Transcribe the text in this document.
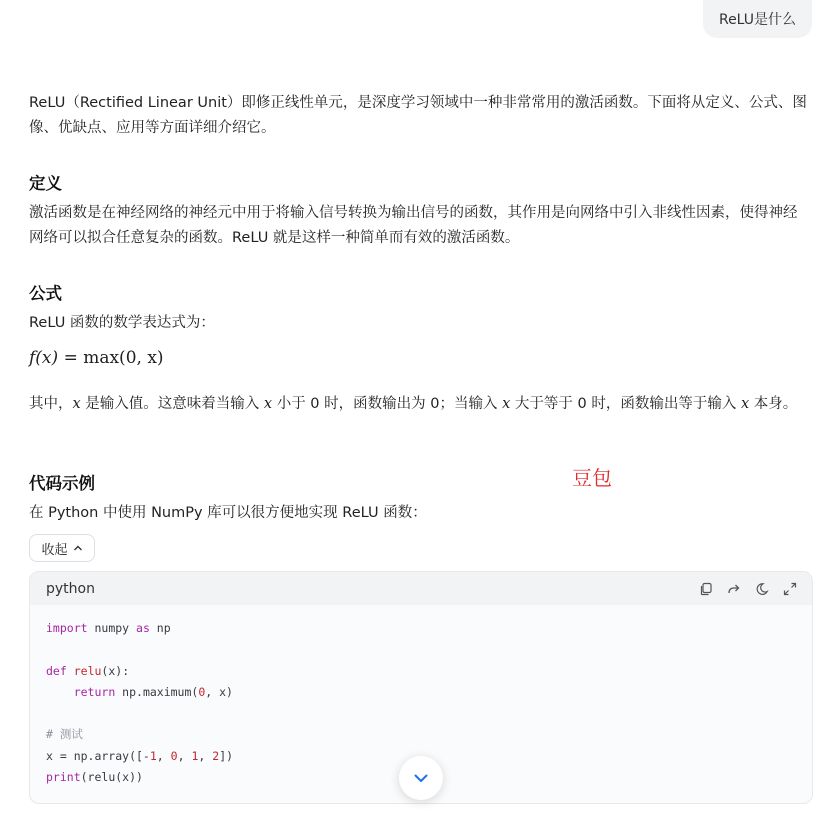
ReLU是什么

ReLU（Rectified Linear Unit）即修正线性单元，是深度学习领域中一种非常常用的激活函数。下面将从定义、公式、图像、优缺点、应用等方面详细介绍它。

定义

激活函数是在神经网络的神经元中用于将输入信号转换为输出信号的函数，其作用是向网络中引入非线性因素，使得神经网络可以拟合任意复杂的函数。ReLU 就是这样一种简单而有效的激活函数。

公式

ReLU 函数的数学表达式为：

f(x) = max(0, x)

其中，x 是输入值。这意味着当输入 x 小于 0 时，函数输出为 0；当输入 x 大于等于 0 时，函数输出等于输入 x 本身。

代码示例

在 Python 中使用 NumPy 库可以很方便地实现 ReLU 函数：

豆包
收起
python
import numpy as np

def relu(x):
return np.maximum(0, x)

# 测试
x = np.array([-1, 0, 1, 2])
print(relu(x))
